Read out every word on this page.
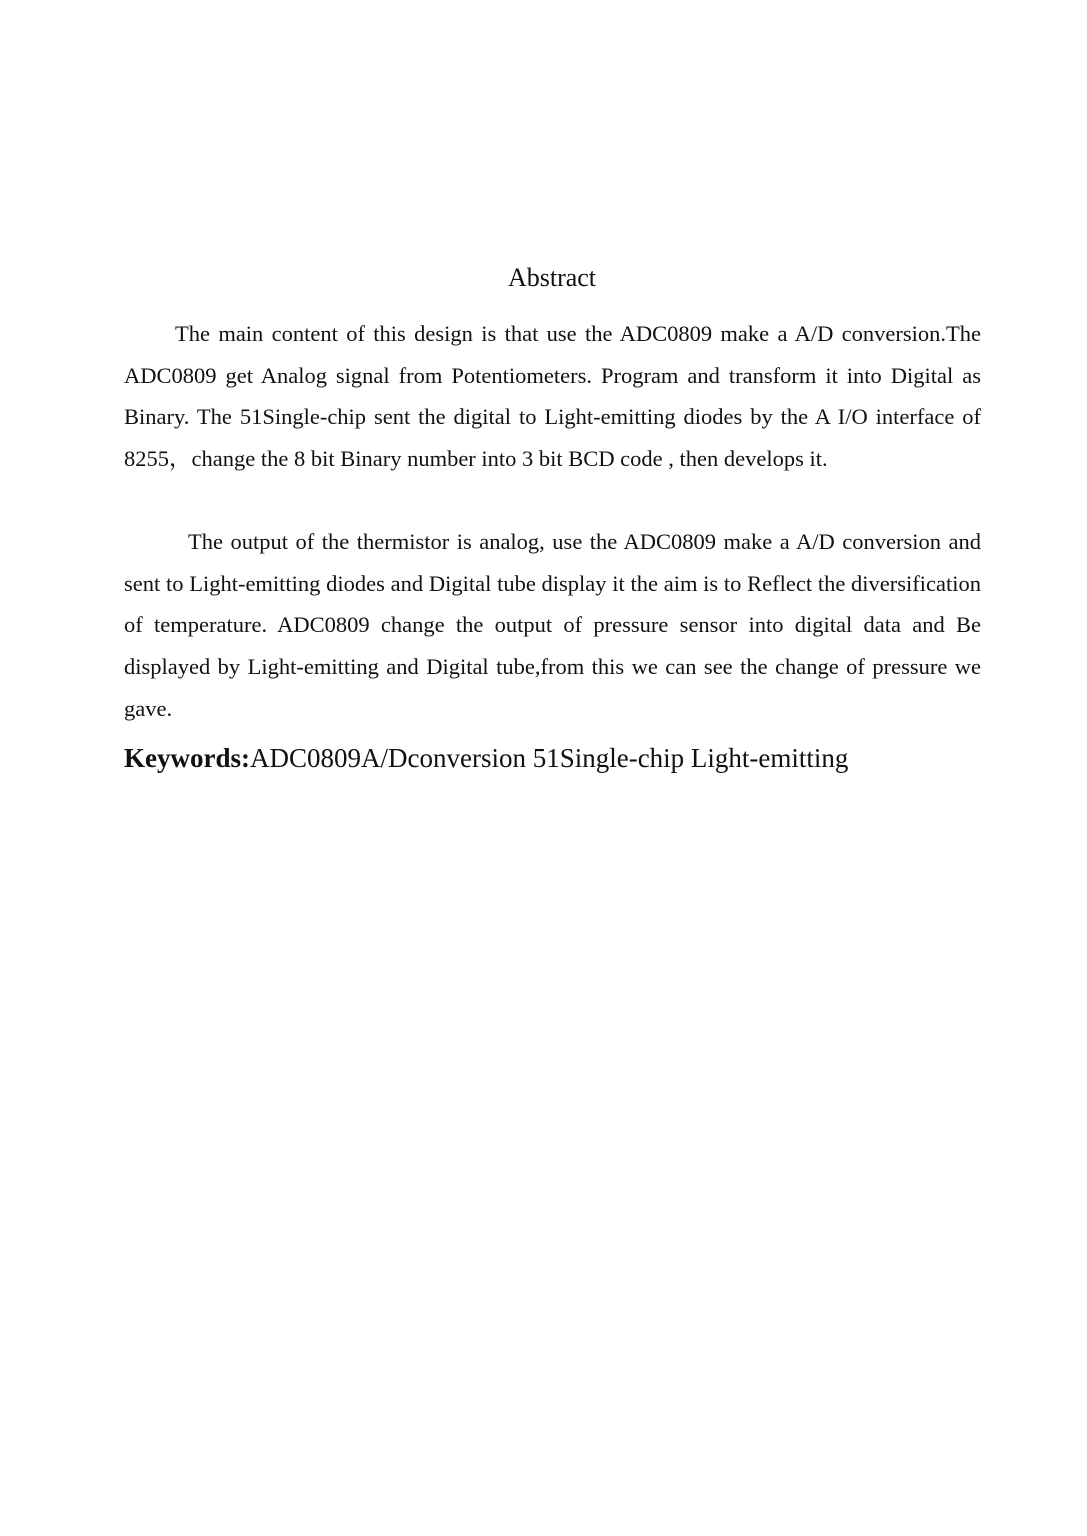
Abstract

The main content of this design is that use the ADC0809 make a A/D conversion.The ADC0809 get Analog signal from Potentiometers. Program and transform it into Digital as Binary. The 51Single-chip sent the digital to Light-emitting diodes by the A I/O interface of 8255，change the 8 bit Binary number into 3 bit BCD code , then develops it.

The output of the thermistor is analog, use the ADC0809 make a A/D conversion and sent to Light-emitting diodes and Digital tube display it the aim is to Reflect the diversification of temperature. ADC0809 change the output of pressure sensor into digital data and Be displayed by Light-emitting and Digital tube,from this we can see the change of pressure we gave.

Keywords:ADC0809A/Dconversion 51Single-chip Light-emitting
